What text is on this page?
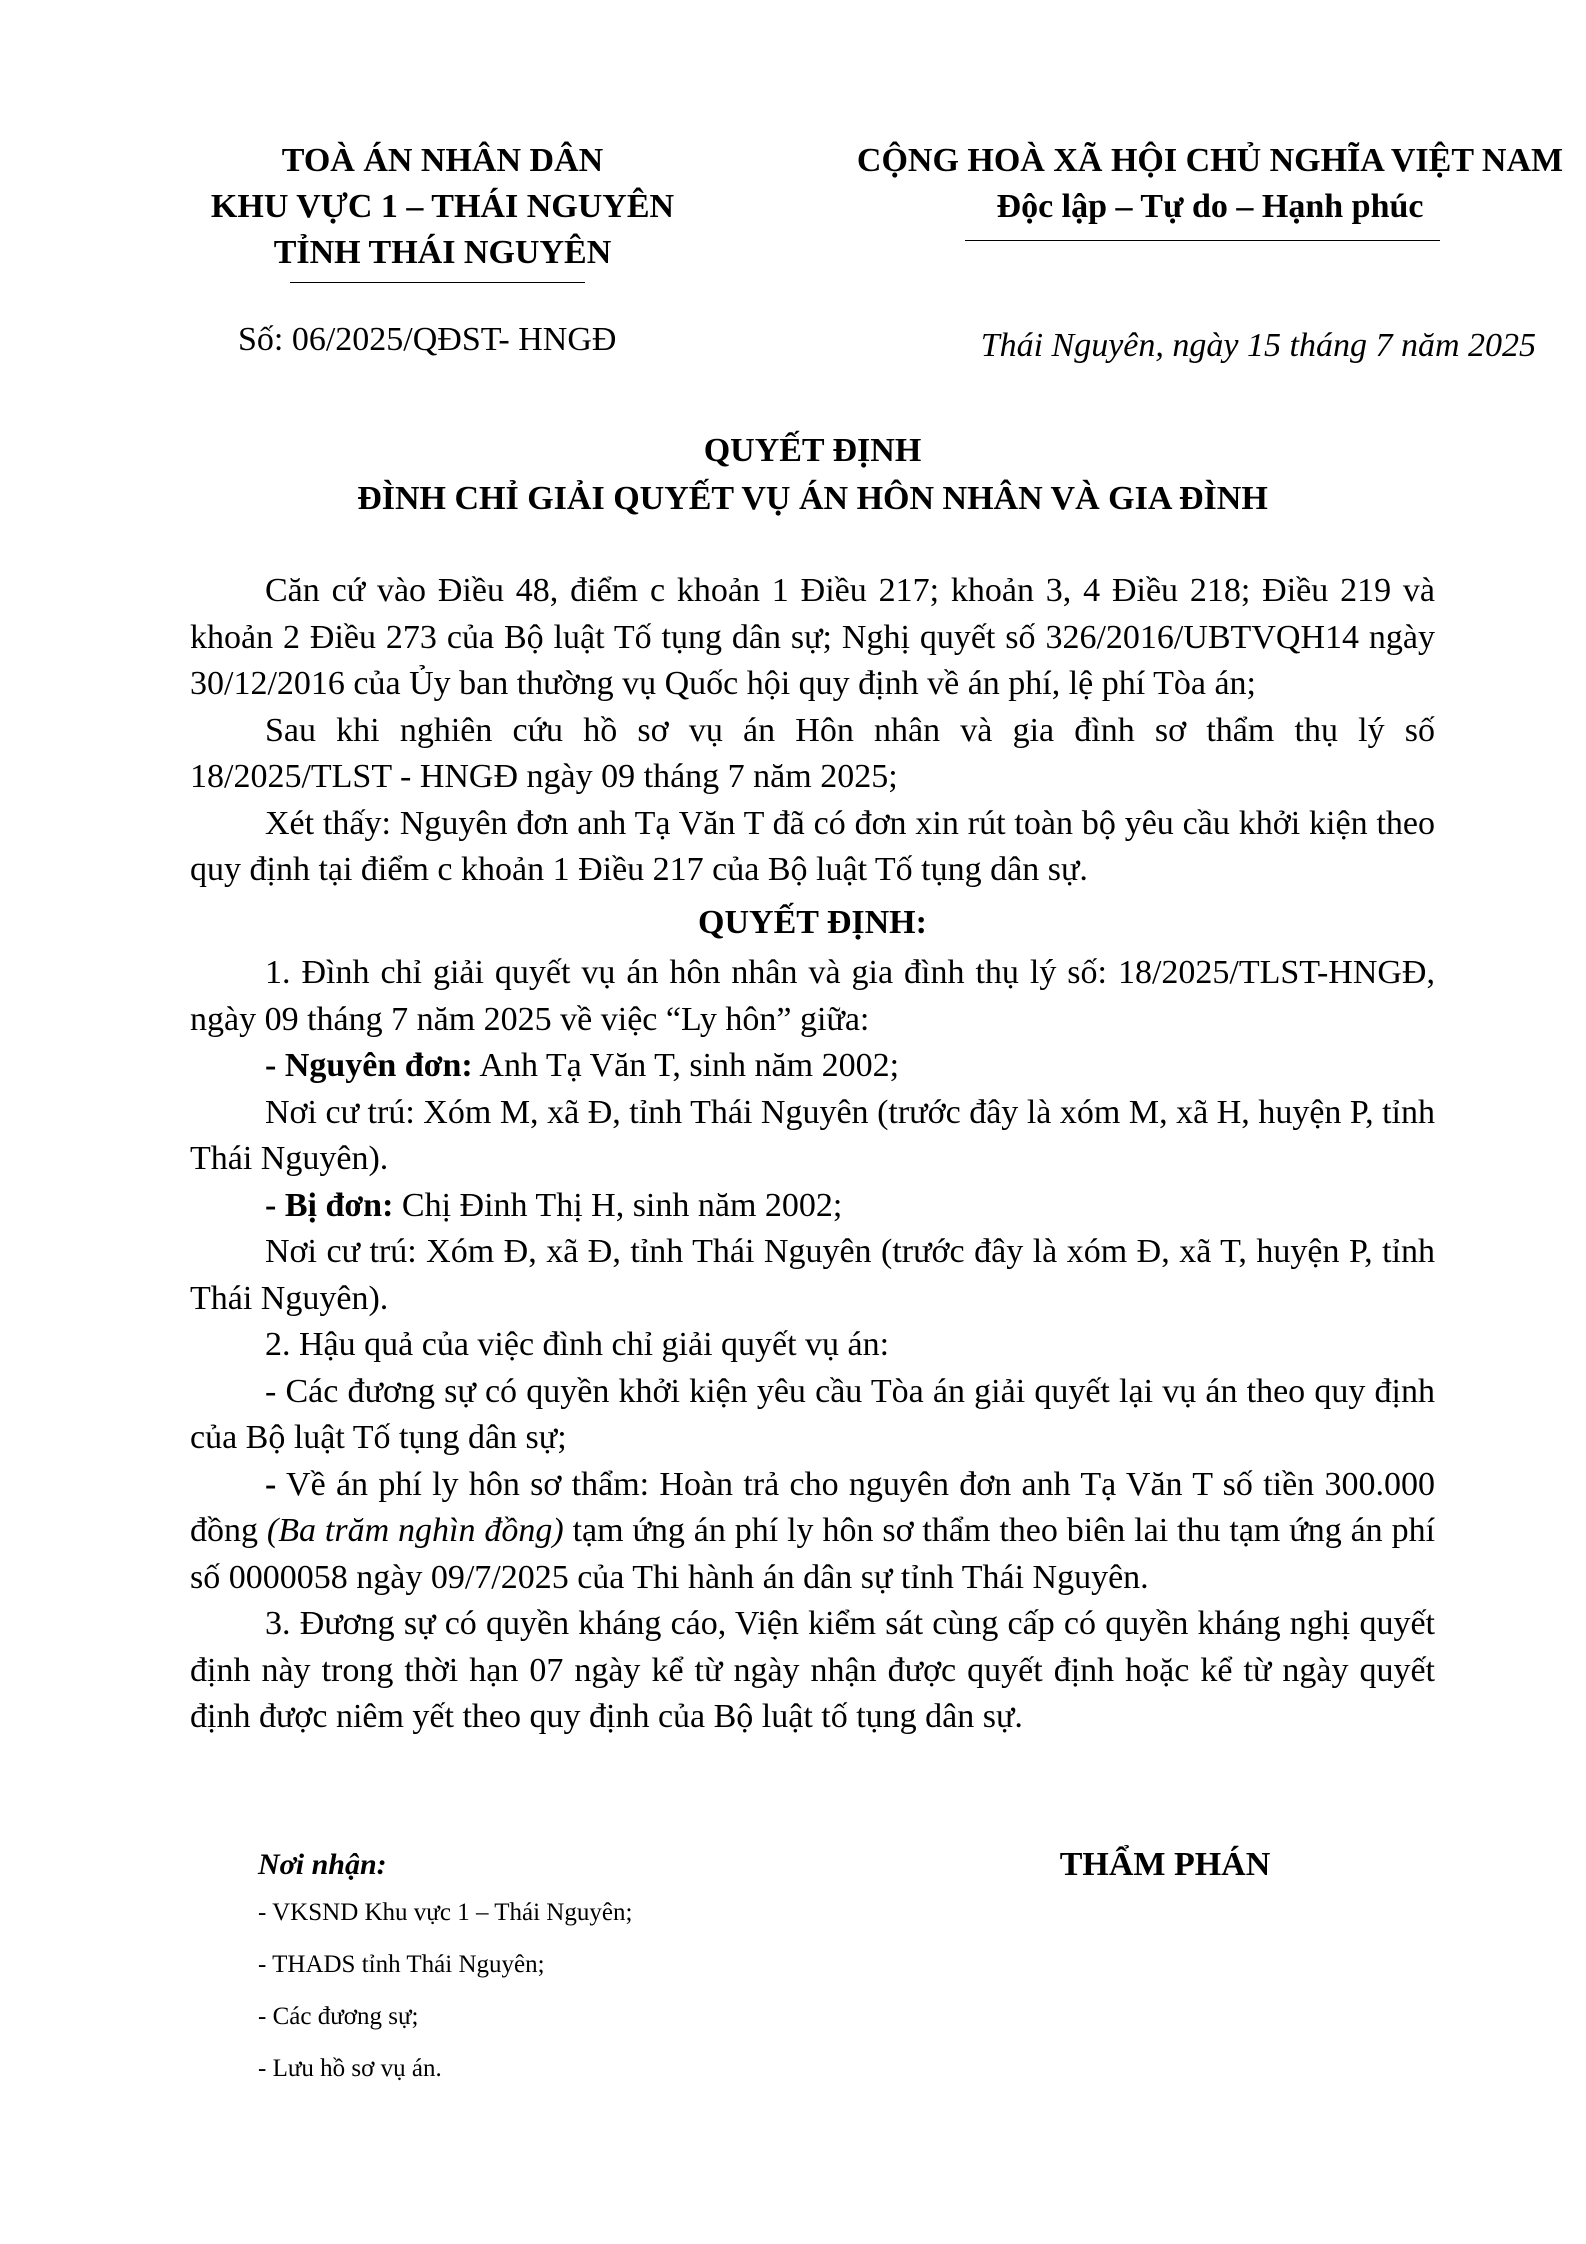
TOÀ ÁN NHÂN DÂN
KHU VỰC 1 – THÁI NGUYÊN
TỈNH THÁI NGUYÊN
CỘNG HOÀ XÃ HỘI CHỦ NGHĨA VIỆT NAM
Độc lập – Tự do – Hạnh phúc
Số: 06/2025/QĐST- HNGĐ	Thái Nguyên, ngày 15 tháng 7 năm 2025
QUYẾT ĐỊNH
ĐÌNH CHỈ GIẢI QUYẾT VỤ ÁN HÔN NHÂN VÀ GIA ĐÌNH

Căn cứ vào Điều 48, điểm c khoản 1 Điều 217; khoản 3, 4 Điều 218; Điều 219 và khoản 2 Điều 273 của Bộ luật Tố tụng dân sự; Nghị quyết số 326/2016/UBTVQH14 ngày 30/12/2016 của Ủy ban thường vụ Quốc hội quy định về án phí, lệ phí Tòa án;

Sau khi nghiên cứu hồ sơ vụ án Hôn nhân và gia đình sơ thẩm thụ lý số 18/2025/TLST - HNGĐ ngày 09 tháng 7 năm 2025;

Xét thấy: Nguyên đơn anh Tạ Văn T đã có đơn xin rút toàn bộ yêu cầu khởi kiện theo quy định tại điểm c khoản 1 Điều 217 của Bộ luật Tố tụng dân sự.

QUYẾT ĐỊNH:

1. Đình chỉ giải quyết vụ án hôn nhân và gia đình thụ lý số: 18/2025/TLST-HNGĐ, ngày 09 tháng 7 năm 2025 về việc “Ly hôn” giữa:

- Nguyên đơn: Anh Tạ Văn T, sinh năm 2002;

Nơi cư trú: Xóm M, xã Đ, tỉnh Thái Nguyên (trước đây là xóm M, xã H, huyện P, tỉnh Thái Nguyên).

- Bị đơn: Chị Đinh Thị H, sinh năm 2002;

Nơi cư trú: Xóm Đ, xã Đ, tỉnh Thái Nguyên (trước đây là xóm Đ, xã T, huyện P, tỉnh Thái Nguyên).

2. Hậu quả của việc đình chỉ giải quyết vụ án:

- Các đương sự có quyền khởi kiện yêu cầu Tòa án giải quyết lại vụ án theo quy định của Bộ luật Tố tụng dân sự;

- Về án phí ly hôn sơ thẩm: Hoàn trả cho nguyên đơn anh Tạ Văn T số tiền 300.000 đồng (Ba trăm nghìn đồng) tạm ứng án phí ly hôn sơ thẩm theo biên lai thu tạm ứng án phí số 0000058 ngày 09/7/2025 của Thi hành án dân sự tỉnh Thái Nguyên.

3. Đương sự có quyền kháng cáo, Viện kiểm sát cùng cấp có quyền kháng nghị quyết định này trong thời hạn 07 ngày kể từ ngày nhận được quyết định hoặc kể từ ngày quyết định được niêm yết theo quy định của Bộ luật tố tụng dân sự.

Nơi nhận:
- VKSND Khu vực 1 – Thái Nguyên;
- THADS tỉnh Thái Nguyên;
- Các đương sự;
- Lưu hồ sơ vụ án.
THẨM PHÁN
